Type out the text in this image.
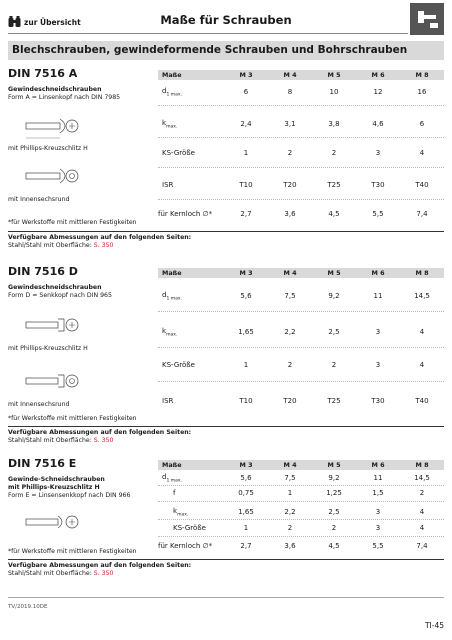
zur Übersicht	Maße für Schrauben
Blechschrauben, gewindeformende Schrauben und Bohrschrauben
DIN 7516 A
Gewindeschneidschrauben
Form A = Linsenkopf nach DIN 7985
mit Phillips-Kreuzschlitz H
mit Innensechsrund
*für Werkstoffe mit mittleren Festigkeiten
Maße	M 3	M 4	M 5	M 6	M 8
$d_{1 max.}$	6	8	10	12	16
$k_{max.}$	2,4	3,1	3,8	4,6	6
KS-Größe	1	2	2	3	4
ISR	T10	T20	T25	T30	T40
für Kernloch ∅*	2,7	3,6	4,5	5,5	7,4
Verfügbare Abmessungen auf den folgenden Seiten:
Stahl/Stahl mit Oberfläche: S. 350
DIN 7516 D
Gewindeschneidschrauben
Form D = Senkkopf nach DIN 965
mit Phillips-Kreuzschlitz H
mit Innensechsrund
*für Werkstoffe mit mittleren Festigkeiten
Maße	M 3	M 4	M 5	M 6	M 8
$d_{1 max.}$	5,6	7,5	9,2	11	14,5
$k_{max.}$	1,65	2,2	2,5	3	4
KS-Größe	1	2	2	3	4
ISR	T10	T20	T25	T30	T40
Verfügbare Abmessungen auf den folgenden Seiten:
Stahl/Stahl mit Oberfläche: S. 350
DIN 7516 E
Gewinde-Schneidschrauben
mit Phillips-Kreuzschlitz H
Form E = Linsensenkkopf nach DIN 966
*für Werkstoffe mit mittleren Festigkeiten
Maße	M 3	M 4	M 5	M 6	M 8
$d_{1 max.}$	5,6	7,5	9,2	11	14,5
f	0,75	1	1,25	1,5	2
$k_{max.}$	1,65	2,2	2,5	3	4
KS-Größe	1	2	2	3	4
für Kernloch ∅*	2,7	3,6	4,5	5,5	7,4
Verfügbare Abmessungen auf den folgenden Seiten:
Stahl/Stahl mit Oberfläche: S. 350
TV/2019.10DE
TI-45
